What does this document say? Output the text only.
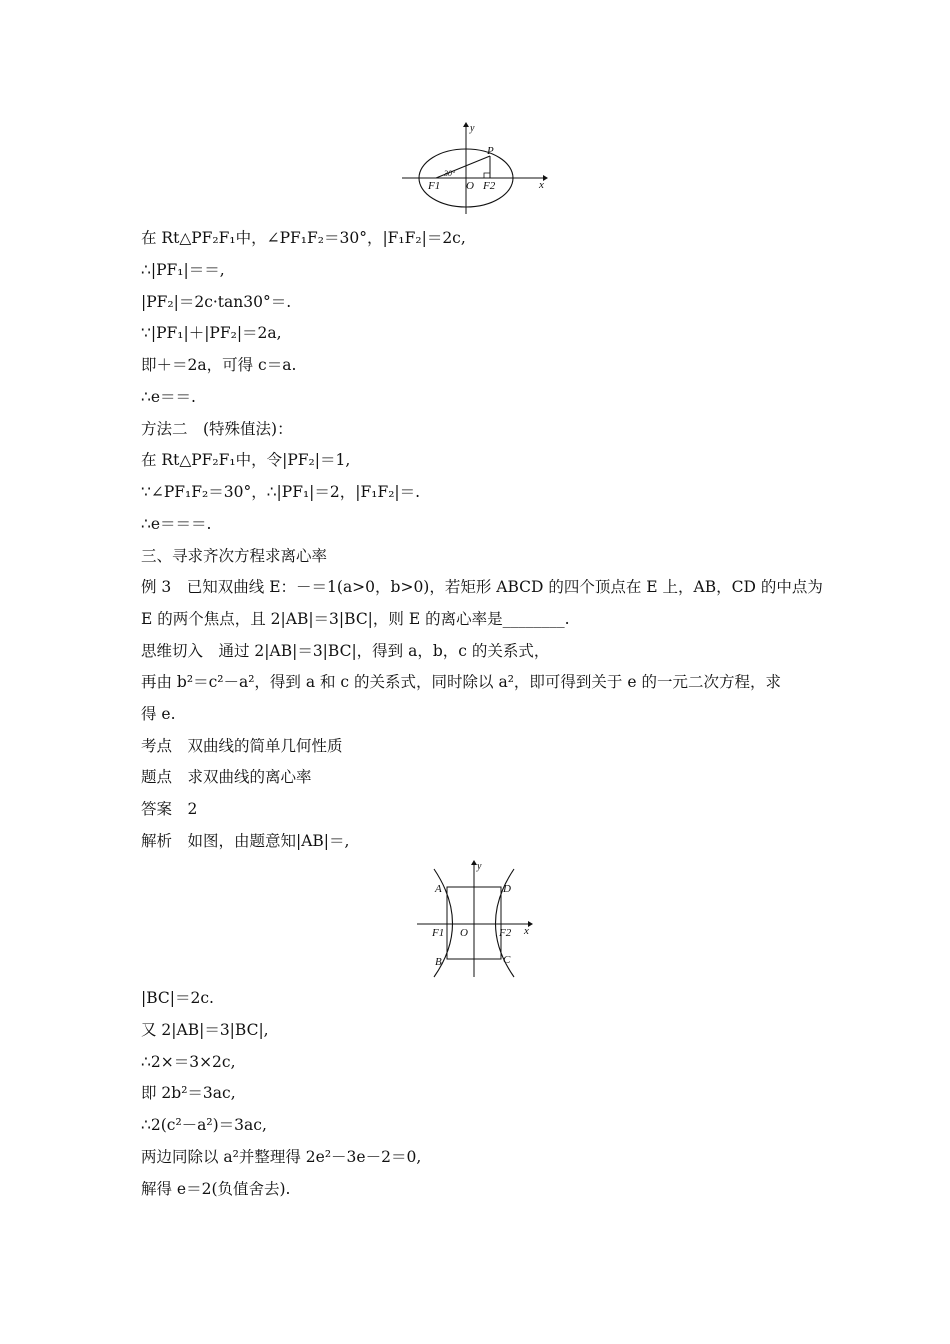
y
x
P
30°
F1 O F2
在 Rt△PF₂F₁中，∠PF₁F₂＝30°，|F₁F₂|＝2c,
∴|PF₁|＝＝,
|PF₂|＝2c·tan30°＝.
∵|PF₁|＋|PF₂|＝2a,
即＋＝2a，可得 c＝a.
∴e＝＝.
方法二　(特殊值法)：
在 Rt△PF₂F₁中，令|PF₂|＝1,
∵∠PF₁F₂＝30°，∴|PF₁|＝2，|F₁F₂|＝.
∴e＝＝＝.
三、寻求齐次方程求离心率
例 3　已知双曲线 E：－＝1(a>0，b>0)，若矩形 ABCD 的四个顶点在 E 上，AB，CD 的中点为
E 的两个焦点，且 2|AB|＝3|BC|，则 E 的离心率是________.
思维切入　通过 2|AB|＝3|BC|，得到 a，b，c 的关系式，
再由 b²＝c²－a²，得到 a 和 c 的关系式，同时除以 a²，即可得到关于 e 的一元二次方程，求
得 e.
考点　双曲线的简单几何性质
题点　求双曲线的离心率
答案　2
解析　如图，由题意知|AB|＝,
y
x
A	D
B	C
F1 O	F2
|BC|＝2c.
又 2|AB|＝3|BC|,
∴2×＝3×2c,
即 2b²＝3ac,
∴2(c²－a²)＝3ac,
两边同除以 a²并整理得 2e²－3e－2＝0,
解得 e＝2(负值舍去).
